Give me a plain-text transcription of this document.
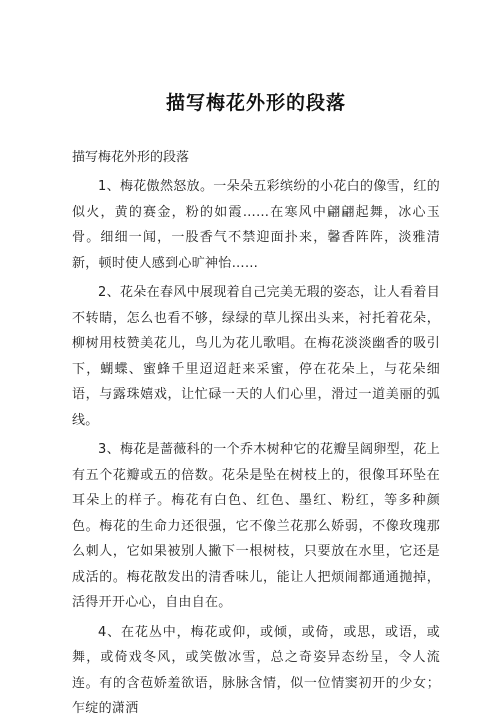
描写梅花外形的段落
描写梅花外形的段落

1、梅花傲然怒放。一朵朵五彩缤纷的小花白的像雪，红的似火，黄的赛金，粉的如霞……在寒风中翩翩起舞，冰心玉骨。细细一闻，一股香气不禁迎面扑来，馨香阵阵，淡雅清新，顿时使人感到心旷神怡……

2、花朵在春风中展现着自己完美无瑕的姿态，让人看着目不转睛，怎么也看不够，绿绿的草儿探出头来，衬托着花朵，柳树用枝赞美花儿，鸟儿为花儿歌唱。在梅花淡淡幽香的吸引下，蝴蝶、蜜蜂千里迢迢赶来采蜜，停在花朵上，与花朵细语，与露珠嬉戏，让忙碌一天的人们心里，滑过一道美丽的弧线。

3、梅花是蔷薇科的一个乔木树种它的花瓣呈阔卵型，花上有五个花瓣或五的倍数。花朵是坠在树枝上的，很像耳环坠在耳朵上的样子。梅花有白色、红色、墨红、粉红，等多种颜色。梅花的生命力还很强，它不像兰花那么娇弱，不像玫瑰那么刺人，它如果被别人撇下一根树枝，只要放在水里，它还是成活的。梅花散发出的清香味儿，能让人把烦闹都通通抛掉，活得开开心心，自由自在。

4、在花丛中，梅花或仰，或倾，或倚，或思，或语，或舞，或倚戏冬风，或笑傲冰雪，总之奇姿异态纷呈，令人流连。有的含苞娇羞欲语，脉脉含情，似一位情窦初开的少女；乍绽的潇洒
